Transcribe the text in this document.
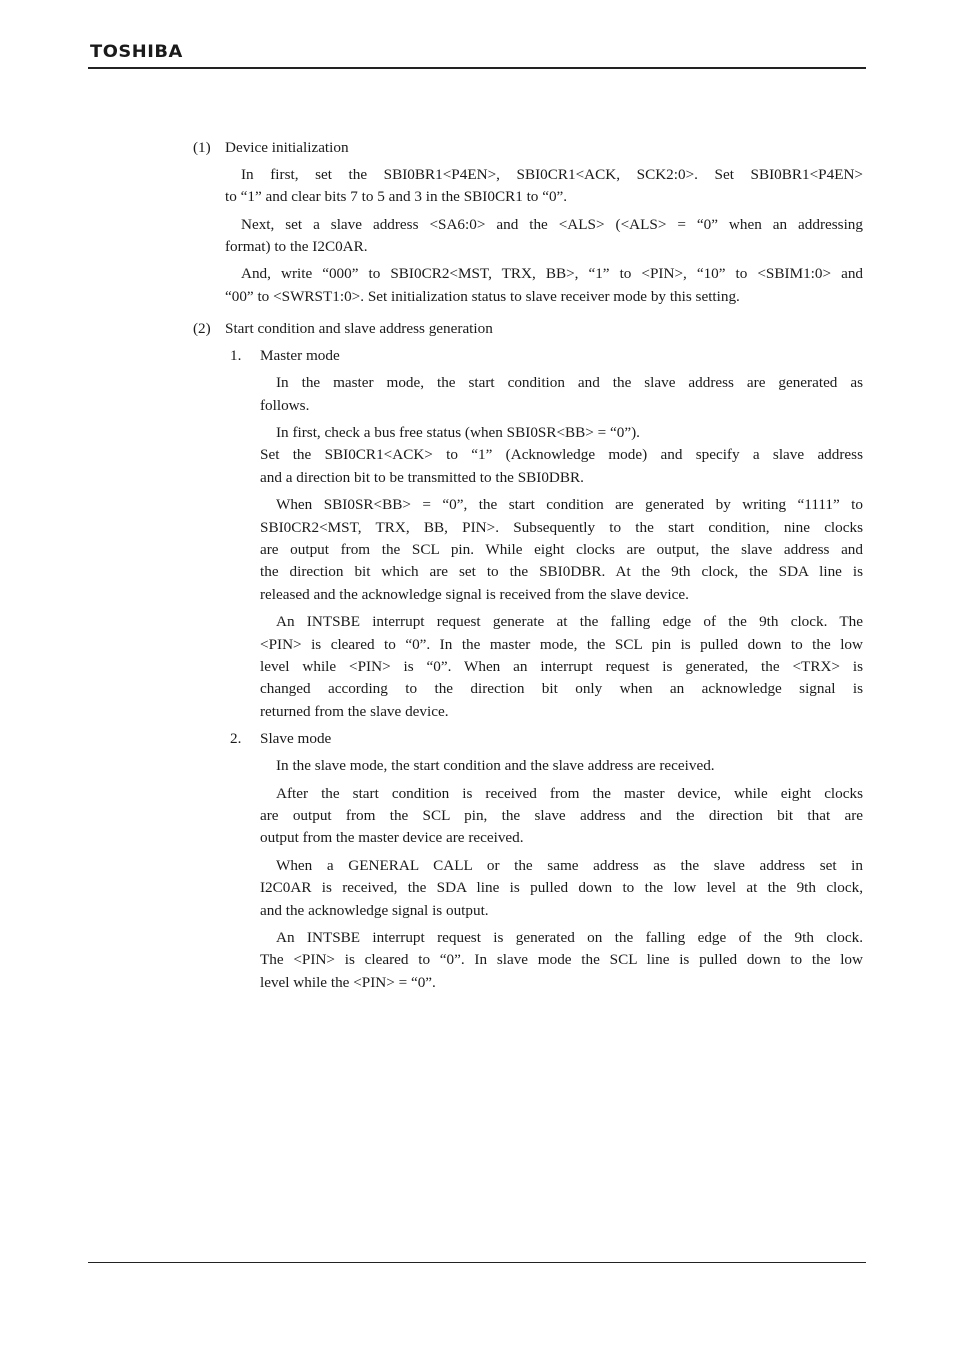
TOSHIBA
(1) Device initialization
In first, set the SBI0BR1<P4EN>, SBI0CR1<ACK, SCK2:0>. Set SBI0BR1<P4EN>
to “1” and clear bits 7 to 5 and 3 in the SBI0CR1 to “0”.
Next, set a slave address <SA6:0> and the <ALS> (<ALS> = “0” when an addressing
format) to the I2C0AR.
And, write “000” to SBI0CR2<MST, TRX, BB>, “1” to <PIN>, “10” to <SBIM1:0> and
“00” to <SWRST1:0>. Set initialization status to slave receiver mode by this setting.
(2) Start condition and slave address generation
1. Master mode
In the master mode, the start condition and the slave address are generated as
follows.
In first, check a bus free status (when SBI0SR<BB> = “0”).
Set the SBI0CR1<ACK> to “1” (Acknowledge mode) and specify a slave address
and a direction bit to be transmitted to the SBI0DBR.
When SBI0SR<BB> = “0”, the start condition are generated by writing “1111” to
SBI0CR2<MST, TRX, BB, PIN>. Subsequently to the start condition, nine clocks
are output from the SCL pin. While eight clocks are output, the slave address and
the direction bit which are set to the SBI0DBR. At the 9th clock, the SDA line is
released and the acknowledge signal is received from the slave device.
An INTSBE interrupt request generate at the falling edge of the 9th clock. The
<PIN> is cleared to “0”. In the master mode, the SCL pin is pulled down to the low
level while <PIN> is “0”. When an interrupt request is generated, the <TRX> is
changed according to the direction bit only when an acknowledge signal is
returned from the slave device.
2. Slave mode
In the slave mode, the start condition and the slave address are received.
After the start condition is received from the master device, while eight clocks
are output from the SCL pin, the slave address and the direction bit that are
output from the master device are received.
When a GENERAL CALL or the same address as the slave address set in
I2C0AR is received, the SDA line is pulled down to the low level at the 9th clock,
and the acknowledge signal is output.
An INTSBE interrupt request is generated on the falling edge of the 9th clock.
The <PIN> is cleared to “0”. In slave mode the SCL line is pulled down to the low
level while the <PIN> = “0”.
